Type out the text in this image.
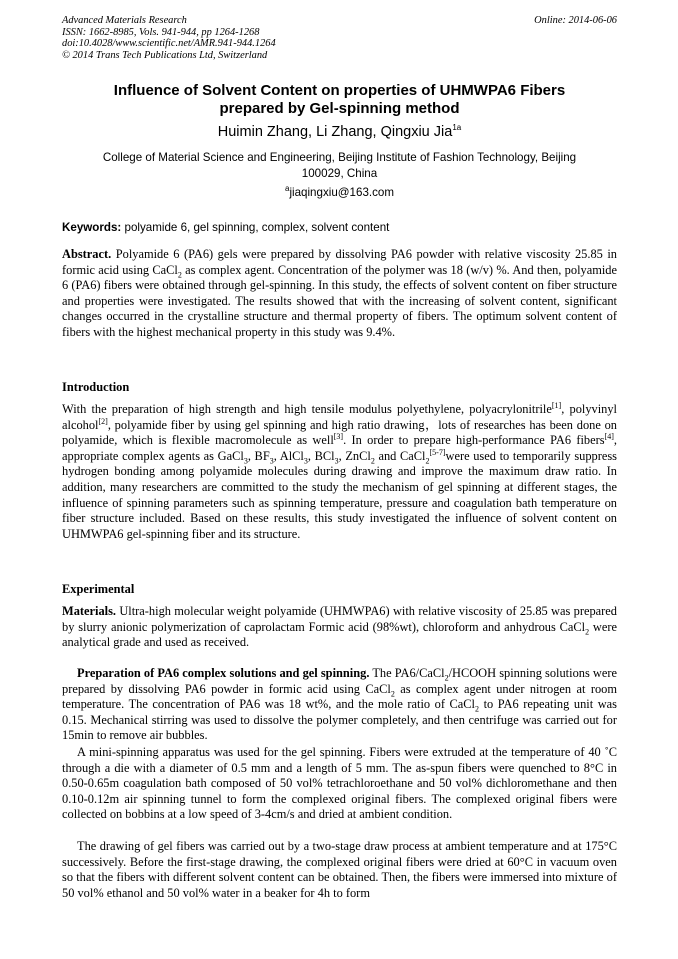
Advanced Materials Research
ISSN: 1662-8985, Vols. 941-944, pp 1264-1268
doi:10.4028/www.scientific.net/AMR.941-944.1264
© 2014 Trans Tech Publications Ltd, Switzerland
Online: 2014-06-06
Influence of Solvent Content on properties of UHMWPA6 Fibers
prepared by Gel-spinning method
Huimin Zhang, Li Zhang, Qingxiu Jia$^{1a}$
College of Material Science and Engineering, Beijing Institute of Fashion Technology, Beijing
100029, China
$^a$jiaqingxiu@163.com
Keywords: polyamide 6, gel spinning, complex, solvent content
Abstract. Polyamide 6 (PA6) gels were prepared by dissolving PA6 powder with relative viscosity 25.85 in formic acid using CaCl$_2$ as complex agent. Concentration of the polymer was 18 (w/v) %. And then, polyamide 6 (PA6) fibers were obtained through gel-spinning. In this study, the effects of solvent content on fiber structure and properties were investigated. The results showed that with the increasing of solvent content, significant changes occurred in the crystalline structure and thermal property of fibers. The optimum solvent content of fibers with the highest mechanical property in this study was 9.4%.
Introduction
With the preparation of high strength and high tensile modulus polyethylene, polyacrylonitrile[1], polyvinyl alcohol[2], polyamide fiber by using gel spinning and high ratio drawing，lots of researches has been done on polyamide, which is flexible macromolecule as well[3]. In order to prepare high-performance PA6 fibers[4], appropriate complex agents as GaCl$_3$, $BF_3$, AlCl$_3$, BCl$_3$, ZnCl$_2$ and CaCl$_2$[5-7]were used to temporarily suppress hydrogen bonding among polyamide molecules during drawing and improve the maximum draw ratio. In addition, many researchers are committed to the study the mechanism of gel spinning at different stages, the influence of spinning parameters such as spinning temperature, pressure and coagulation bath temperature on fiber structure included. Based on these results, this study investigated the influence of solvent content on UHMWPA6 gel-spinning fiber and its structure.
Experimental
Materials. Ultra-high molecular weight polyamide (UHMWPA6) with relative viscosity of 25.85 was prepared by slurry anionic polymerization of caprolactam Formic acid (98%wt), chloroform and anhydrous CaCl$_2$ were analytical grade and used as received.
Preparation of PA6 complex solutions and gel spinning. The PA6/CaCl$_2$/HCOOH spinning solutions were prepared by dissolving PA6 powder in formic acid using CaCl$_2$ as complex agent under nitrogen at room temperature. The concentration of PA6 was 18 wt%, and the mole ratio of CaCl$_2$ to PA6 repeating unit was 0.15. Mechanical stirring was used to dissolve the polymer completely, and then centrifuge was carried out for 15min to remove air bubbles.
A mini-spinning apparatus was used for the gel spinning. Fibers were extruded at the temperature of 40 ˚C through a die with a diameter of 0.5 mm and a length of 5 mm. The as-spun fibers were quenched to 8°C in 0.50-0.65m coagulation bath composed of 50 vol% tetrachloroethane and 50 vol% dichloromethane and then 0.10-0.12m air spinning tunnel to form the complexed original fibers. The complexed original fibers were collected on bobbins at a low speed of 3-4cm/s and dried at ambient condition.
The drawing of gel fibers was carried out by a two-stage draw process at ambient temperature and at 175°C successively. Before the first-stage drawing, the complexed original fibers were dried at 60°C in vacuum oven so that the fibers with different solvent content can be obtained. Then, the fibers were immersed into mixture of 50 vol% ethanol and 50 vol% water in a beaker for 4h to form
